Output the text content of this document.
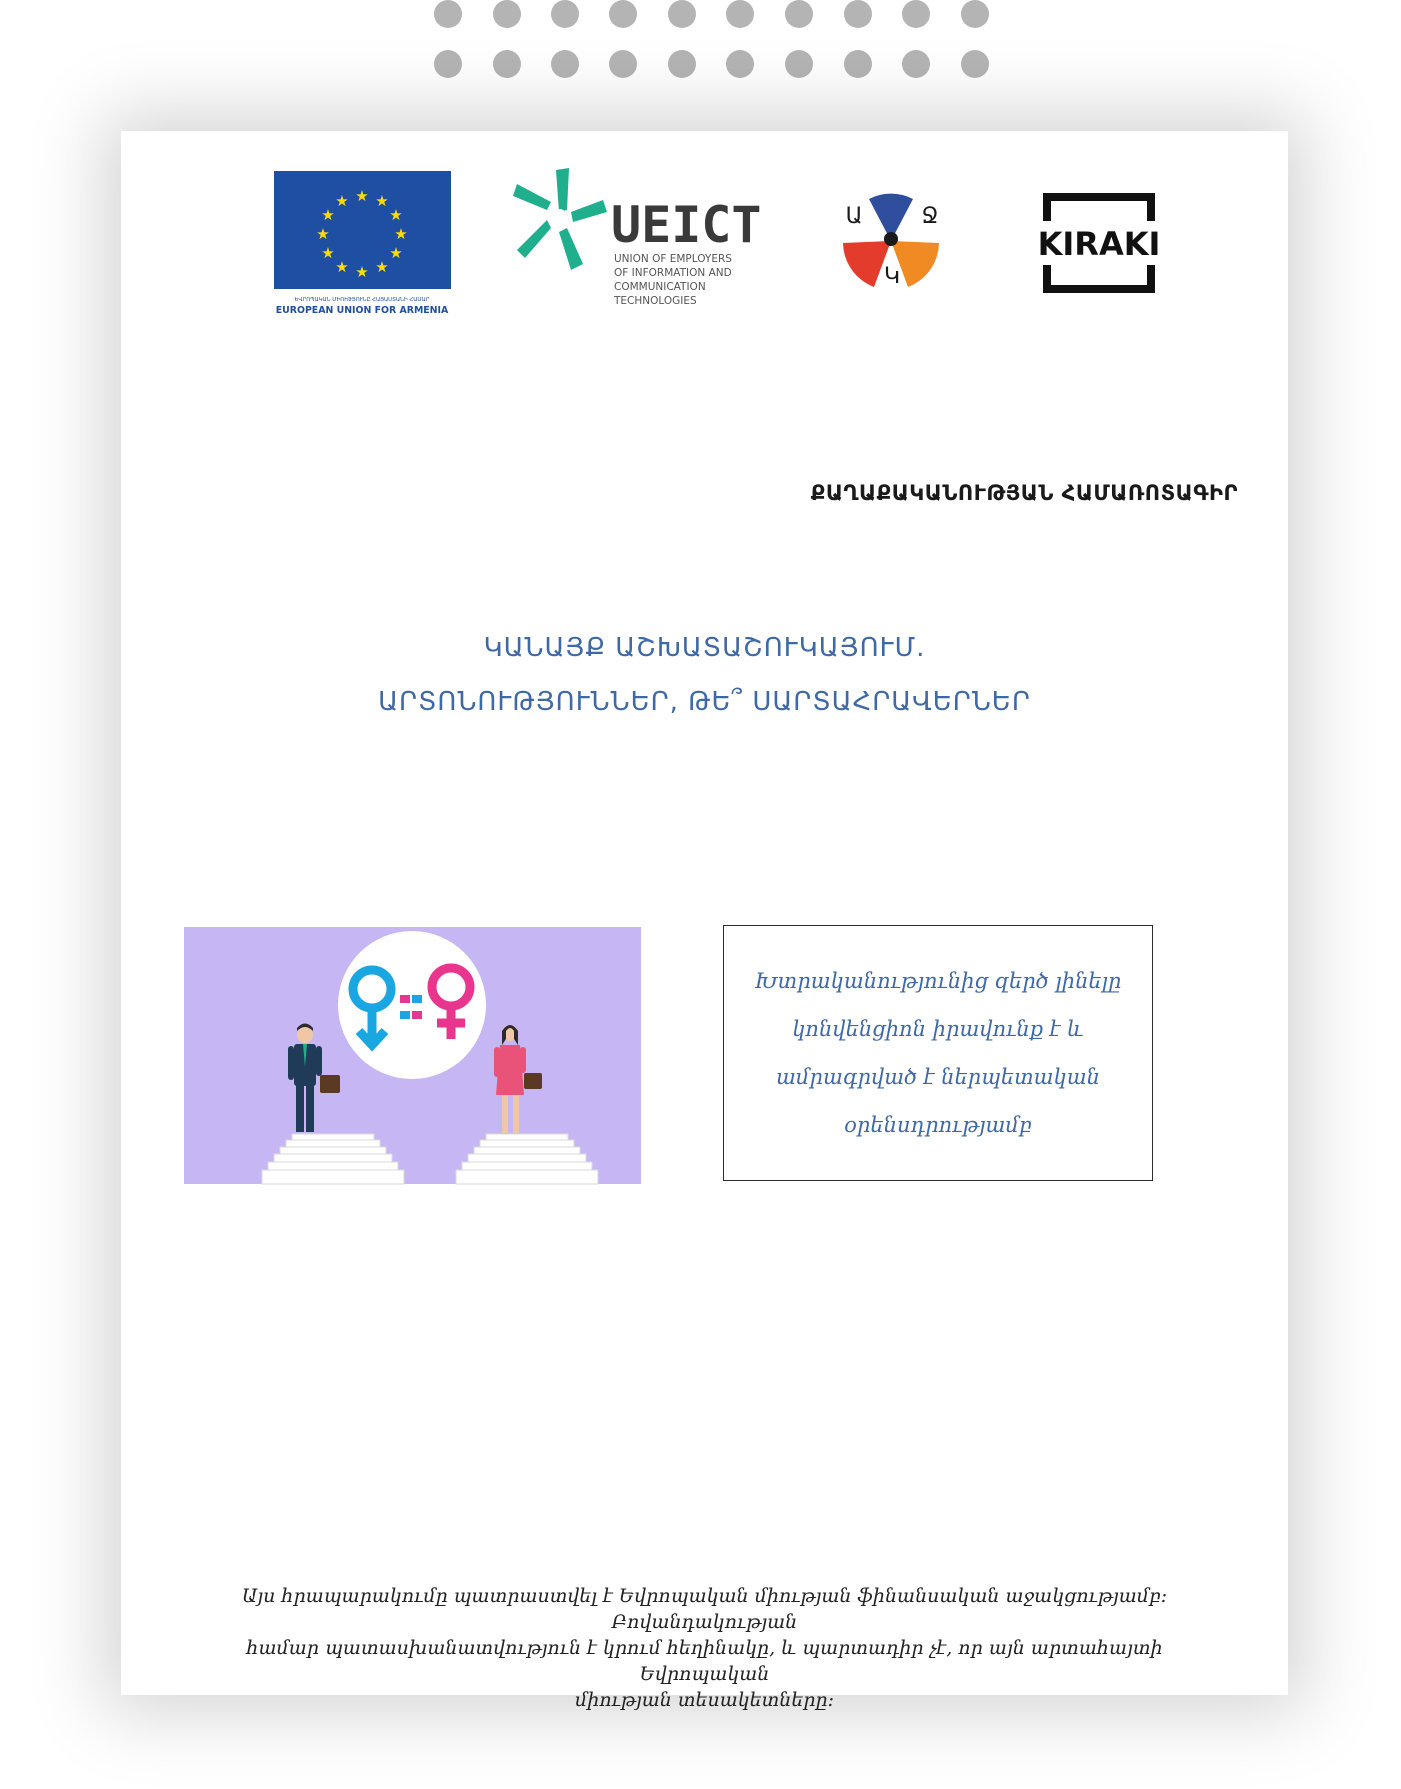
★ ★
★
★
★
★
★
★
★
★
★
★
ԵՎՐՈՊԱԿԱՆ ՄԻՈՒԹՅՈՒՆԸ ՀԱՅԱՍՏԱՆԻ ՀԱՄԱՐ
EUROPEAN UNION FOR ARMENIA
UEICT
UNION OF EMPLOYERS
OF INFORMATION AND
COMMUNICATION
TECHNOLOGIES
Ա	Ջ
Կ
KIRAKI
ՔԱՂԱՔԱԿԱՆՈՒԹՅԱՆ ՀԱՄԱՌՈՏԱԳԻՐ
ԿԱՆԱՅՔ ԱՇԽԱՏԱՇՈՒԿԱՅՈՒՄ.
ԱՐՏՈՆՈՒԹՅՈՒՆՆԵՐ, ԹԵ՞ ՍԱՐՏԱՀՐԱՎԵՐՆԵՐ
Խտրականությունից զերծ լինելը
կոնվենցիոն իրավունք է և
ամրագրված է ներպետական
օրենսդրությամբ
Այս հրապարակումը պատրաստվել է Եվրոպական միության ֆինանսական աջակցությամբ: Բովանդակության
համար պատասխանատվություն է կրում հեղինակը, և պարտադիր չէ, որ այն արտահայտի Եվրոպական
միության տեսակետները:
